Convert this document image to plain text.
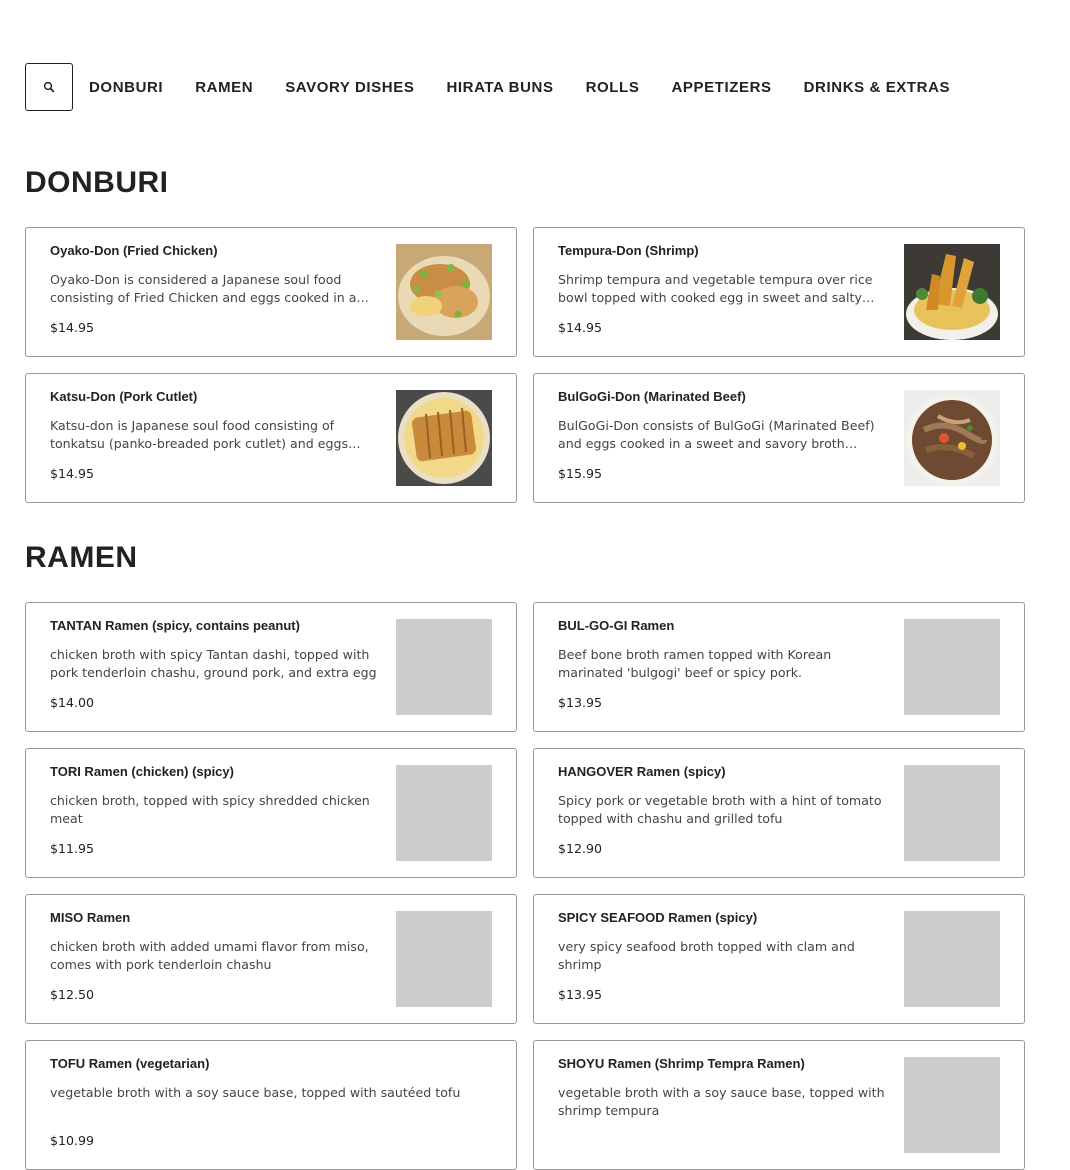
DONBURI RAMEN SAVORY DISHES HIRATA BUNS ROLLS APPETIZERS DRINKS & EXTRAS
DONBURI
Oyako-Don (Fried Chicken)
Oyako-Don is considered a Japanese soul food consisting of Fried Chicken and eggs cooked in a…
$14.95
Tempura-Don (Shrimp)
Shrimp tempura and vegetable tempura over rice bowl topped with cooked egg in sweet and salty…
$14.95
Katsu-Don (Pork Cutlet)
Katsu-don is Japanese soul food consisting of tonkatsu (panko-breaded pork cutlet) and eggs…
$14.95
BulGoGi-Don (Marinated Beef)
BulGoGi-Don consists of BulGoGi (Marinated Beef) and eggs cooked in a sweet and savory broth…
$15.95
RAMEN
TANTAN Ramen (spicy, contains peanut)
chicken broth with spicy Tantan dashi, topped with pork tenderloin chashu, ground pork, and extra egg
$14.00
BUL-GO-GI Ramen
Beef bone broth ramen topped with Korean marinated 'bulgogi' beef or spicy pork.
$13.95
TORI Ramen (chicken) (spicy)
chicken broth, topped with spicy shredded chicken meat
$11.95
HANGOVER Ramen (spicy)
Spicy pork or vegetable broth with a hint of tomato topped with chashu and grilled tofu
$12.90
MISO Ramen
chicken broth with added umami flavor from miso, comes with pork tenderloin chashu
$12.50
SPICY SEAFOOD Ramen (spicy)
very spicy seafood broth topped with clam and shrimp
$13.95
TOFU Ramen (vegetarian)
vegetable broth with a soy sauce base, topped with sautéed tofu
$10.99
SHOYU Ramen (Shrimp Tempra Ramen)
vegetable broth with a soy sauce base, topped with shrimp tempura
